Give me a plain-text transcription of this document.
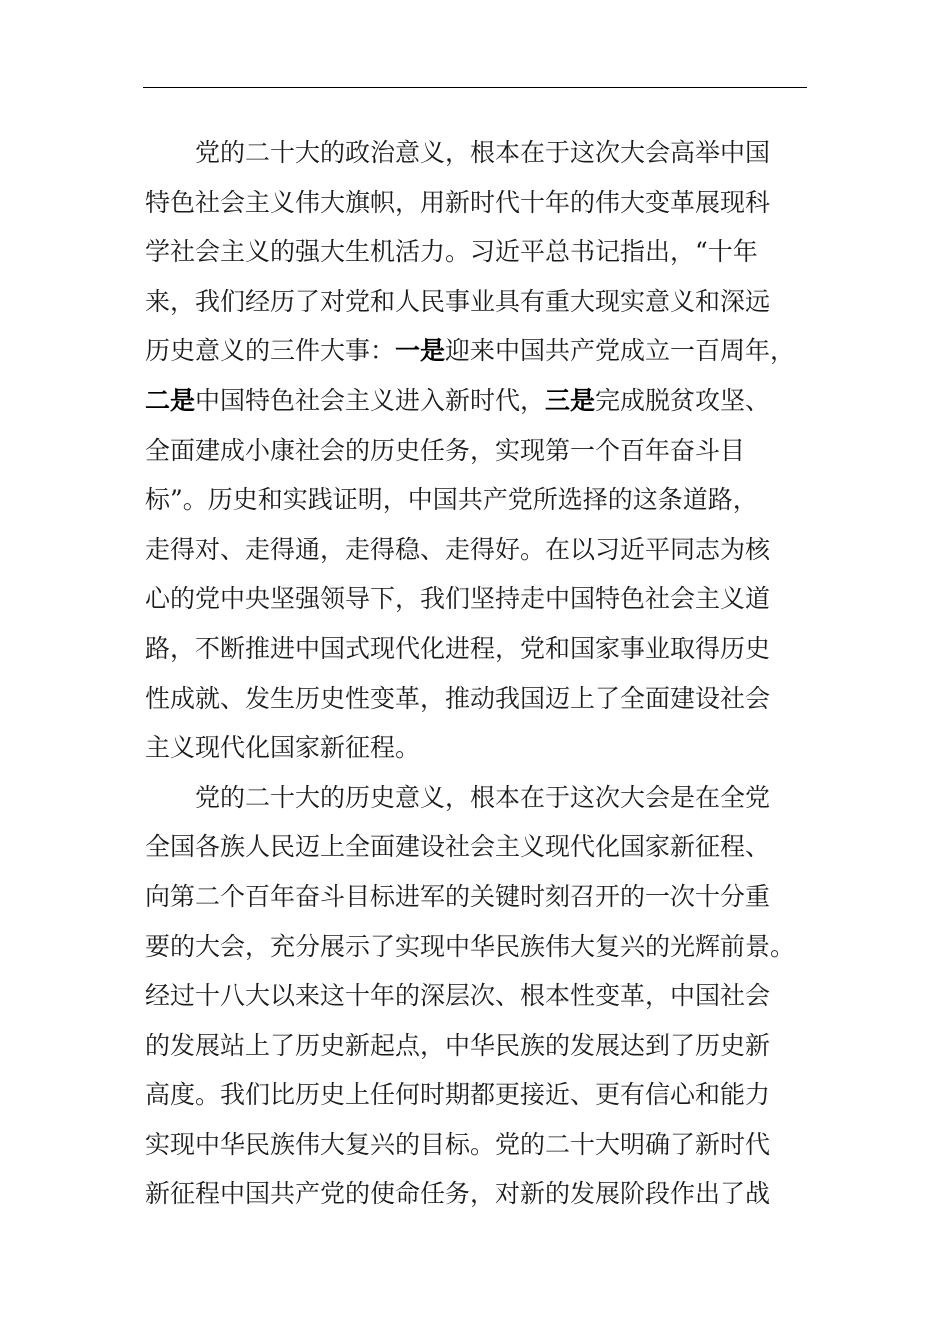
党的二十大的政治意义，根本在于这次大会高举中国
特色社会主义伟大旗帜，用新时代十年的伟大变革展现科
学社会主义的强大生机活力。习近平总书记指出，“十年
来，我们经历了对党和人民事业具有重大现实意义和深远
历史意义的三件大事：一是迎来中国共产党成立一百周年，
二是中国特色社会主义进入新时代，三是完成脱贫攻坚、
全面建成小康社会的历史任务，实现第一个百年奋斗目
标”。历史和实践证明，中国共产党所选择的这条道路，
走得对、走得通，走得稳、走得好。在以习近平同志为核
心的党中央坚强领导下，我们坚持走中国特色社会主义道
路，不断推进中国式现代化进程，党和国家事业取得历史
性成就、发生历史性变革，推动我国迈上了全面建设社会
主义现代化国家新征程。
党的二十大的历史意义，根本在于这次大会是在全党
全国各族人民迈上全面建设社会主义现代化国家新征程、
向第二个百年奋斗目标进军的关键时刻召开的一次十分重
要的大会，充分展示了实现中华民族伟大复兴的光辉前景。
经过十八大以来这十年的深层次、根本性变革，中国社会
的发展站上了历史新起点，中华民族的发展达到了历史新
高度。我们比历史上任何时期都更接近、更有信心和能力
实现中华民族伟大复兴的目标。党的二十大明确了新时代
新征程中国共产党的使命任务，对新的发展阶段作出了战
